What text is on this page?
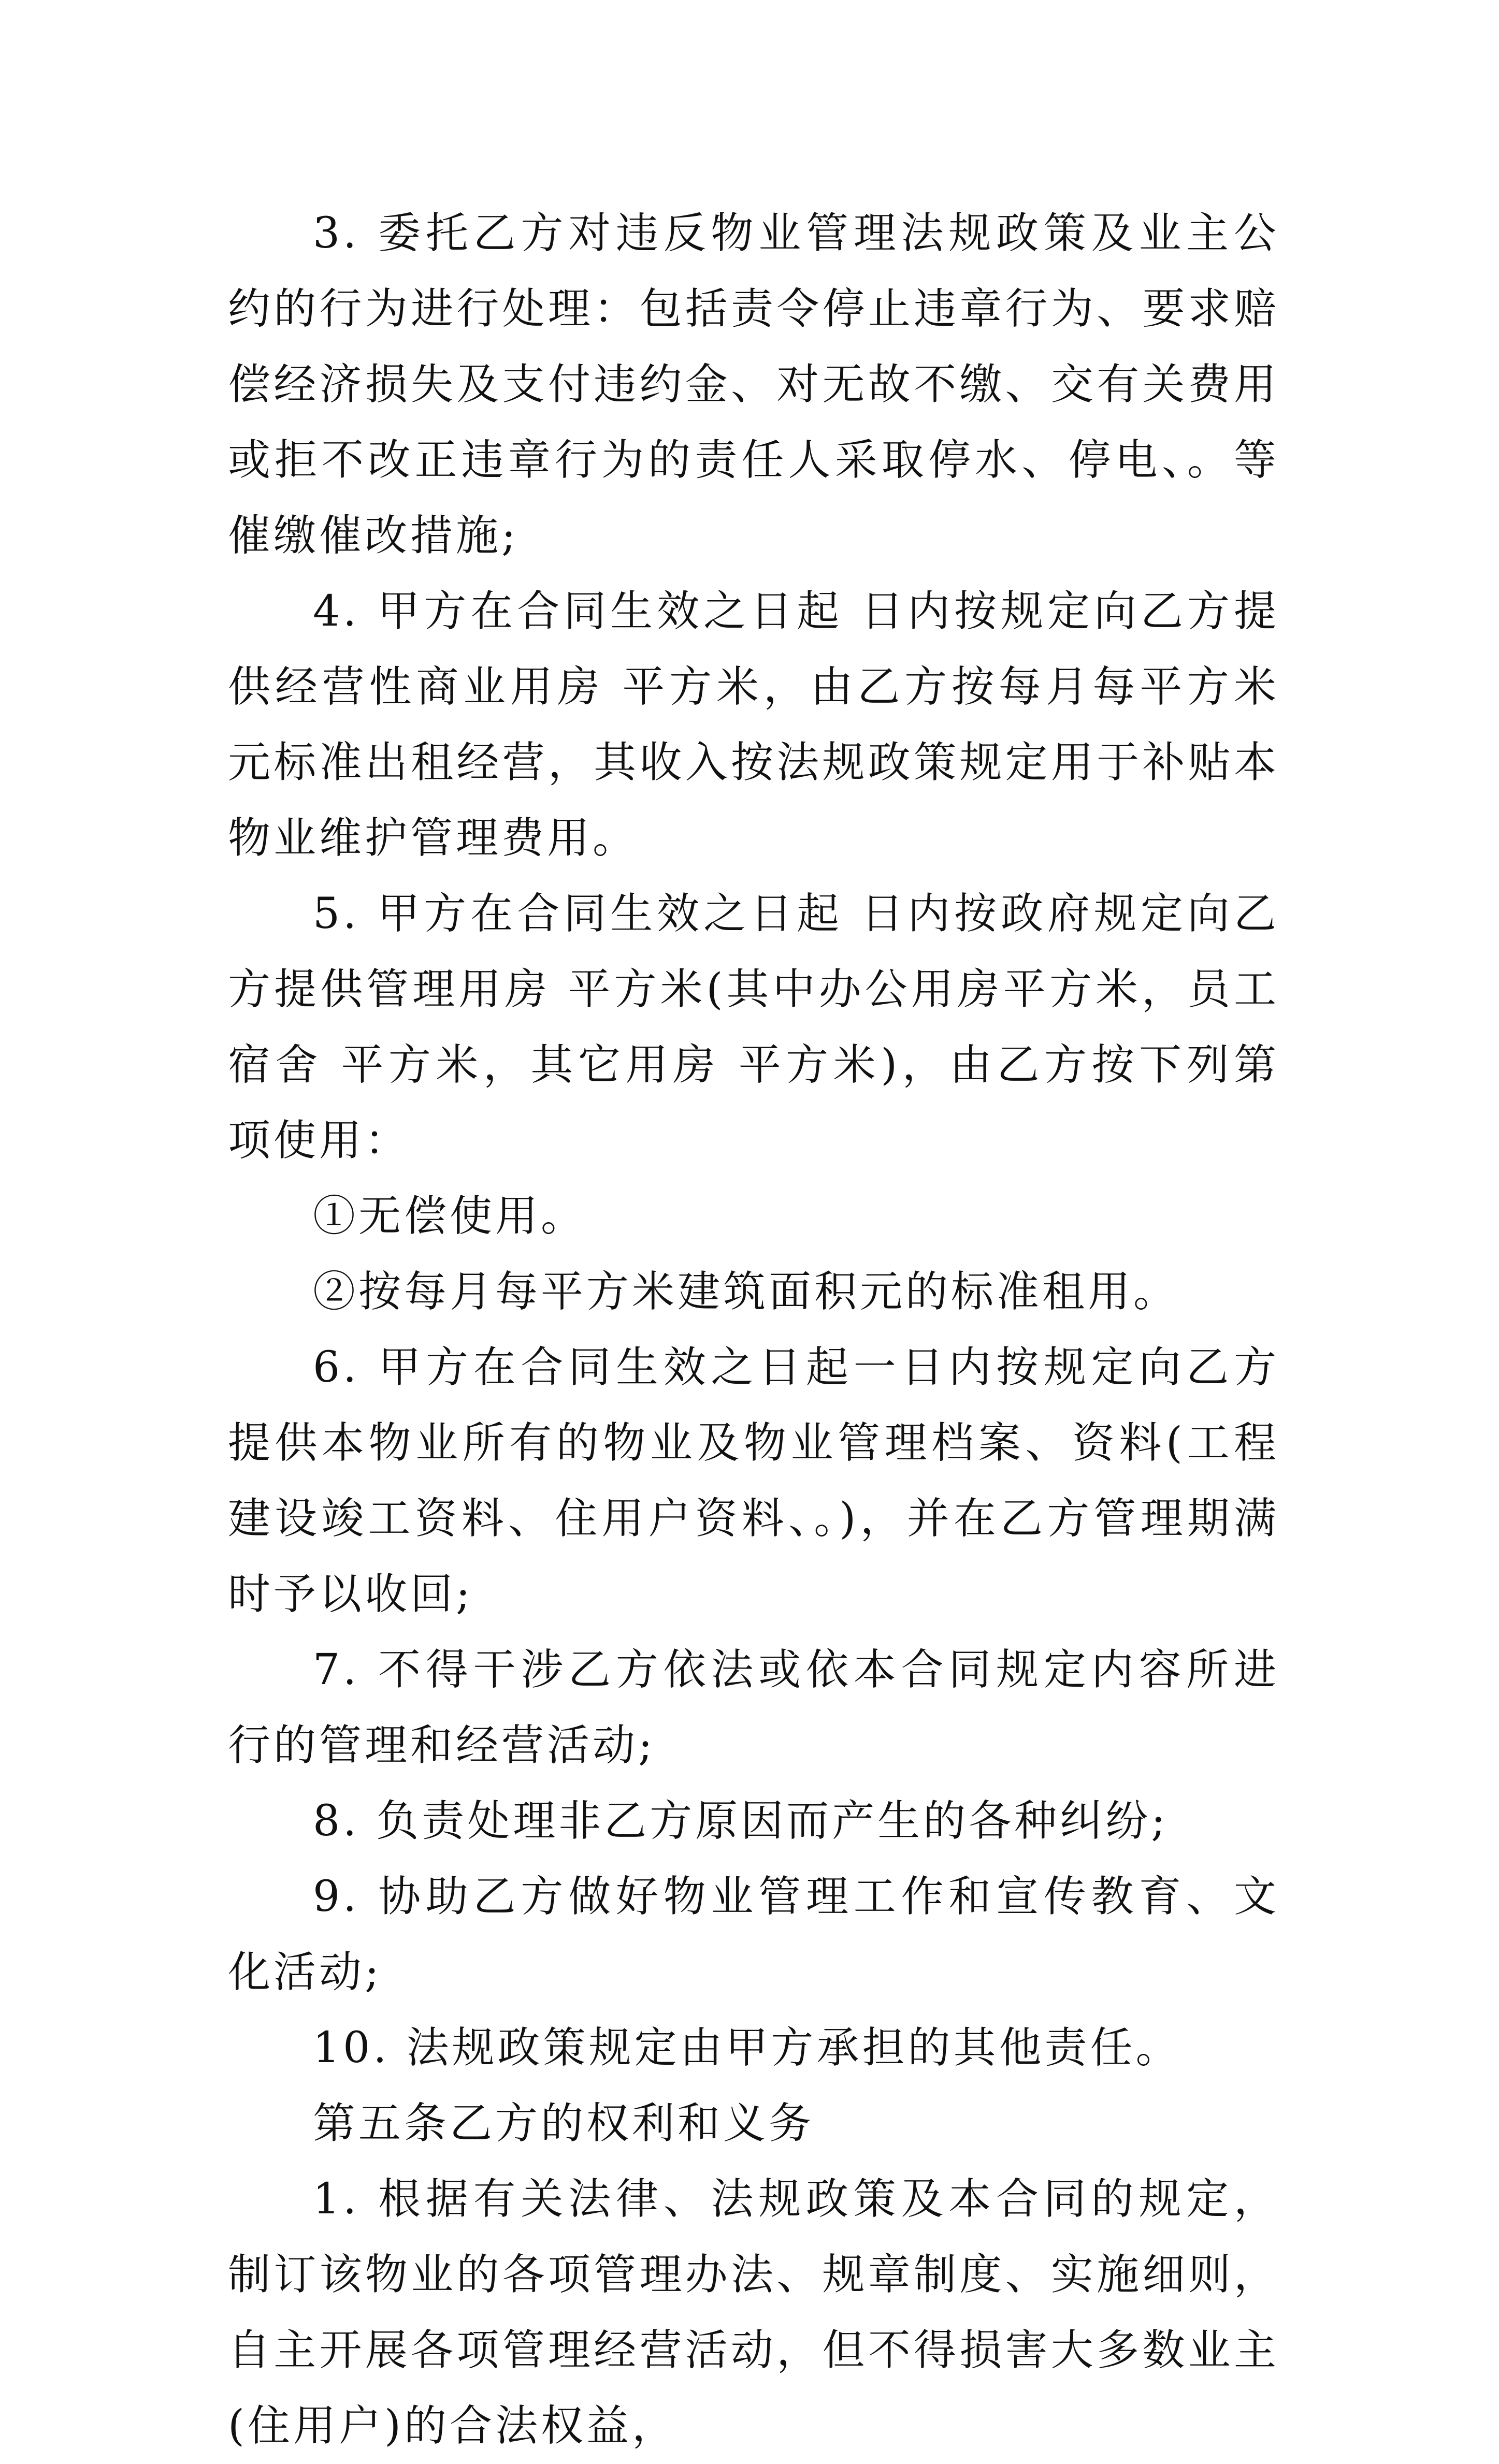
3. 委托乙方对违反物业管理法规政策及业主公约的行为进行处理：包括责令停止违章行为、要求赔偿经济损失及支付违约金、对无故不缴、交有关费用或拒不改正违章行为的责任人采取停水、停电、。等催缴催改措施;

4. 甲方在合同生效之日起 日内按规定向乙方提供经营性商业用房 平方米，由乙方按每月每平方米 元标准出租经营，其收入按法规政策规定用于补贴本物业维护管理费用。

5. 甲方在合同生效之日起 日内按政府规定向乙方提供管理用房 平方米(其中办公用房平方米，员工宿舍 平方米，其它用房 平方米)，由乙方按下列第 项使用：

①无偿使用。

②按每月每平方米建筑面积元的标准租用。

6. 甲方在合同生效之日起一日内按规定向乙方提供本物业所有的物业及物业管理档案、资料(工程建设竣工资料、住用户资料、。)，并在乙方管理期满时予以收回;

7. 不得干涉乙方依法或依本合同规定内容所进行的管理和经营活动;

8. 负责处理非乙方原因而产生的各种纠纷;

9. 协助乙方做好物业管理工作和宣传教育、文化活动;

10. 法规政策规定由甲方承担的其他责任。

第五条乙方的权利和义务

1. 根据有关法律、法规政策及本合同的规定，制订该物业的各项管理办法、规章制度、实施细则，自主开展各项管理经营活动，但不得损害大多数业主(住用户)的合法权益，
